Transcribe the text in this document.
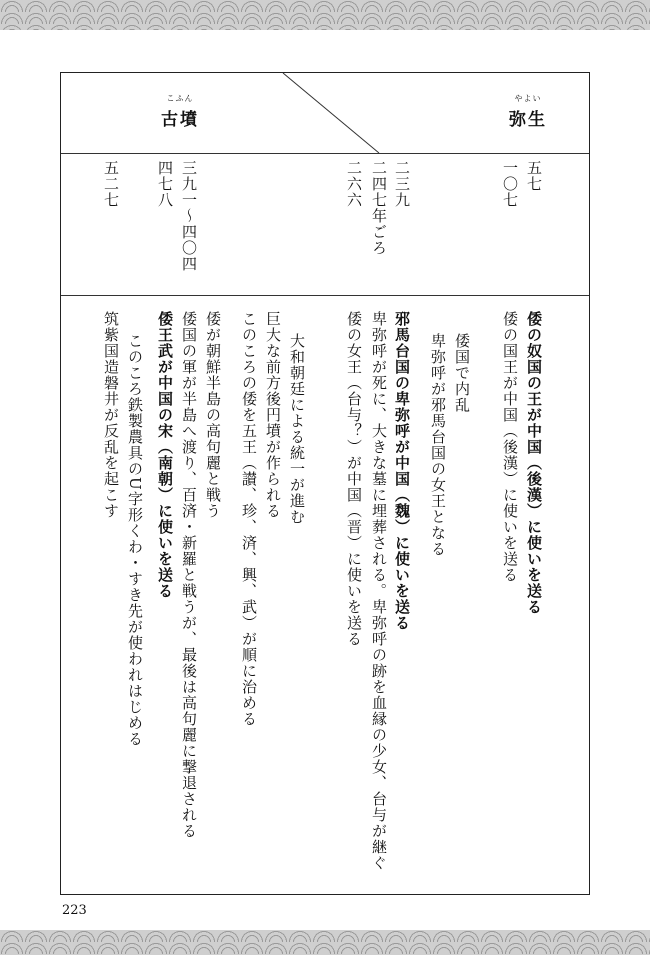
こふん
古墳
やよい
弥生
五七
一〇七
二三九
二四七年ごろ
二六六
三九一～四〇四
四七八
五二七
倭の奴国の王が中国（後漢）に使いを送る
倭の国王が中国（後漢）に使いを送る
倭国で内乱
卑弥呼が邪馬台国の女王となる
邪馬台国の卑弥呼が中国（魏）に使いを送る
卑弥呼が死に、大きな墓に埋葬される。卑弥呼の跡を血縁の少女、台与が継ぐ
倭の女王（台与？）が中国（晋）に使いを送る
大和朝廷による統一が進む
巨大な前方後円墳が作られる
このころの倭を五王（讃、珍、済、興、武）が順に治める
倭が朝鮮半島の高句麗と戦う
倭国の軍が半島へ渡り、百済・新羅と戦うが、最後は高句麗に撃退される
倭王武が中国の宋（南朝）に使いを送る
このころ鉄製農具のU字形くわ・すき先が使われはじめる
筑紫国造磐井が反乱を起こす
223
